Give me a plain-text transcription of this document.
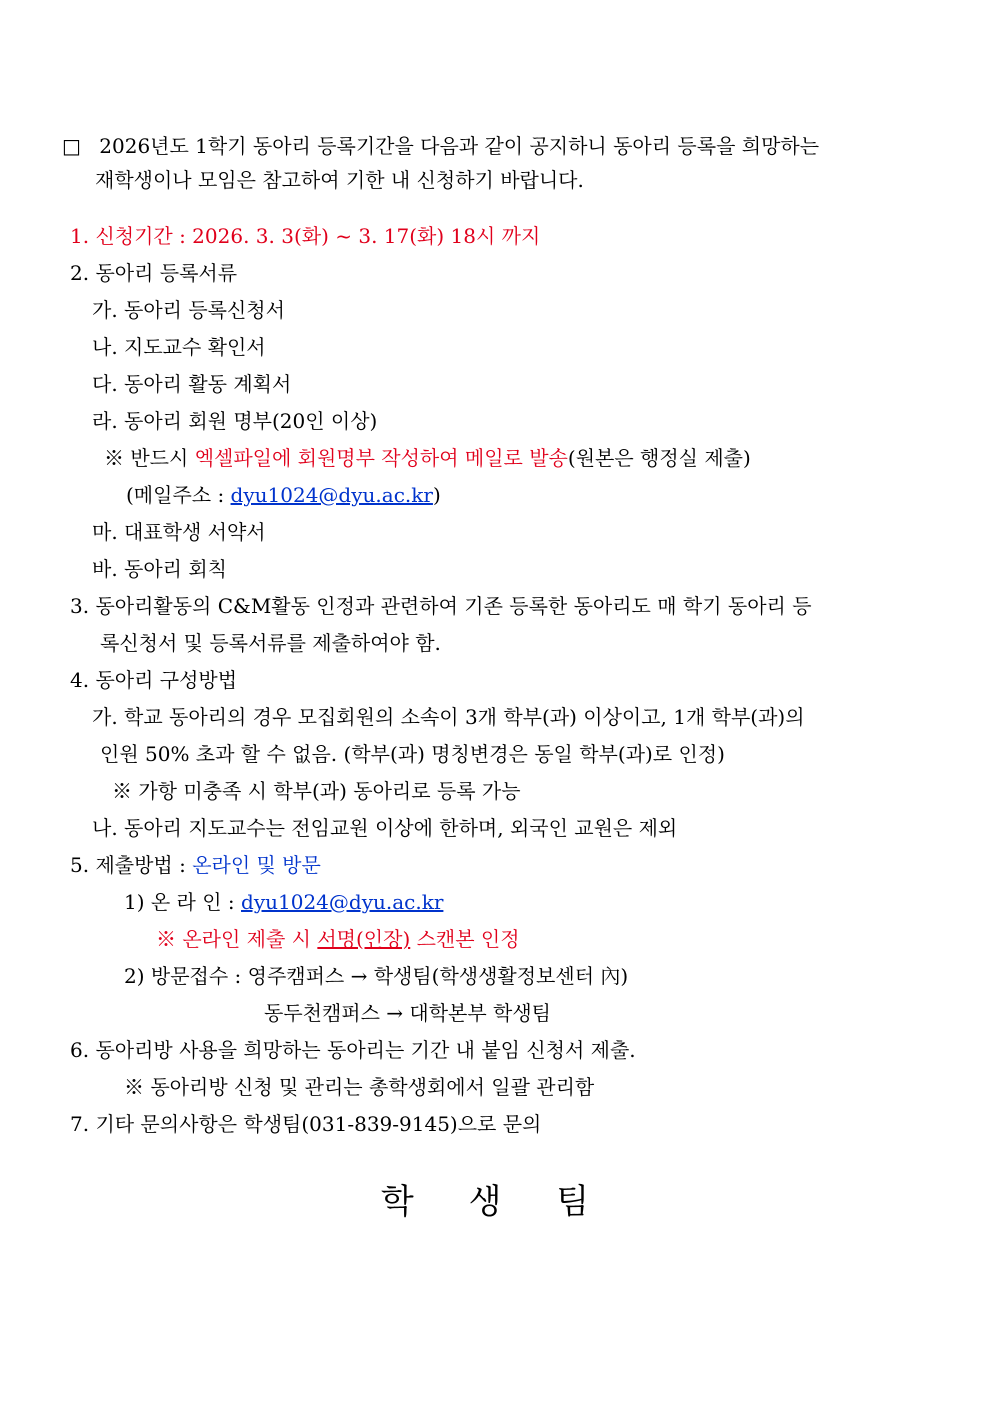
□ 2026년도 1학기 동아리 등록기간을 다음과 같이 공지하니 동아리 등록을 희망하는
재학생이나 모임은 참고하여 기한 내 신청하기 바랍니다.
1. 신청기간 : 2026. 3. 3(화) ~ 3. 17(화) 18시 까지
2. 동아리 등록서류
가. 동아리 등록신청서
나. 지도교수 확인서
다. 동아리 활동 계획서
라. 동아리 회원 명부(20인 이상)
※ 반드시 엑셀파일에 회원명부 작성하여 메일로 발송(원본은 행정실 제출)
(메일주소 : dyu1024@dyu.ac.kr)
마. 대표학생 서약서
바. 동아리 회칙
3. 동아리활동의 C&M활동 인정과 관련하여 기존 등록한 동아리도 매 학기 동아리 등
록신청서 및 등록서류를 제출하여야 함.
4. 동아리 구성방법
가. 학교 동아리의 경우 모집회원의 소속이 3개 학부(과) 이상이고, 1개 학부(과)의
인원 50% 초과 할 수 없음. (학부(과) 명칭변경은 동일 학부(과)로 인정)
※ 가항 미충족 시 학부(과) 동아리로 등록 가능
나. 동아리 지도교수는 전임교원 이상에 한하며, 외국인 교원은 제외
5. 제출방법 : 온라인 및 방문
1) 온 라 인 : dyu1024@dyu.ac.kr
※ 온라인 제출 시 서명(인장) 스캔본 인정
2) 방문접수 : 영주캠퍼스 → 학생팀(학생생활정보센터 內)
동두천캠퍼스 → 대학본부 학생팀
6. 동아리방 사용을 희망하는 동아리는 기간 내 붙임 신청서 제출.
※ 동아리방 신청 및 관리는 총학생회에서 일괄 관리함
7. 기타 문의사항은 학생팀(031-839-9145)으로 문의
학 생 팀
